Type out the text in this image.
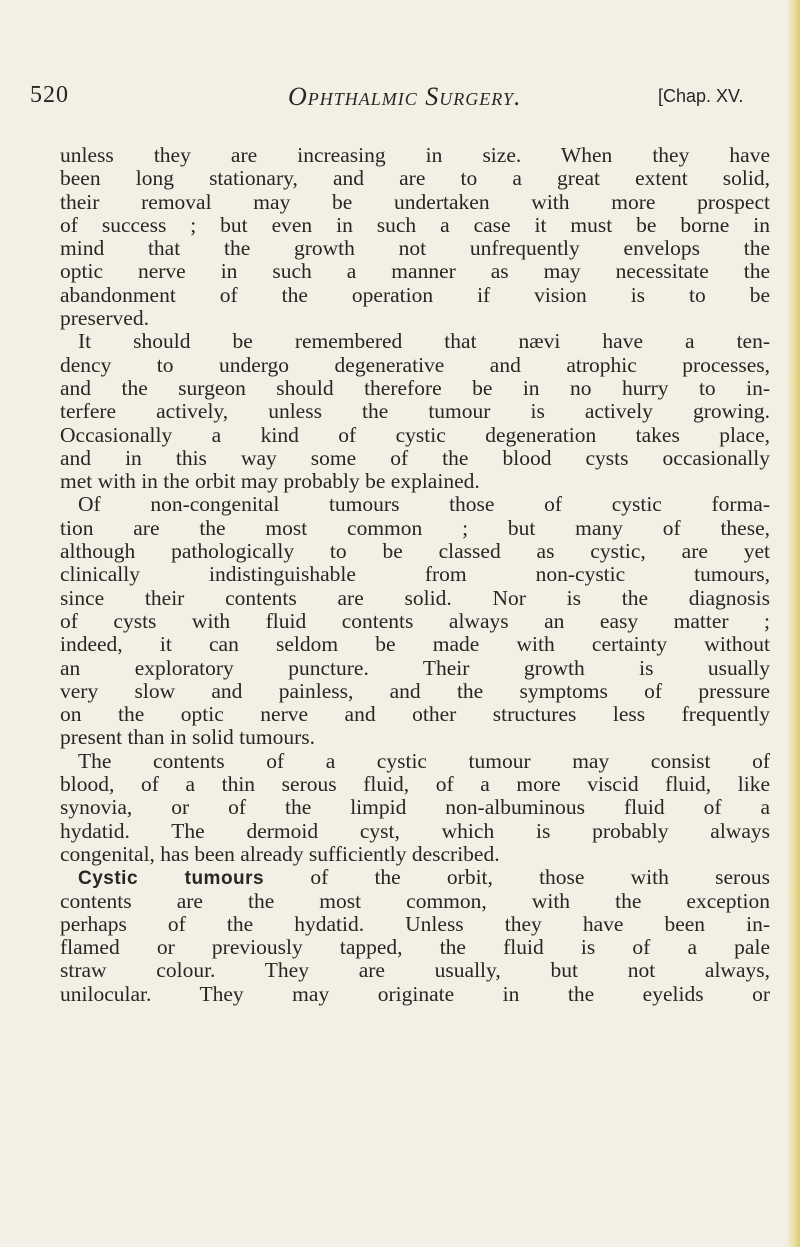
520	Ophthalmic Surgery.	[Chap. XV.
unless they are increasing in size. When they have
been long stationary, and are to a great extent solid,
their removal may be undertaken with more prospect
of success ; but even in such a case it must be borne in
mind that the growth not unfrequently envelops the
optic nerve in such a manner as may necessitate the
abandonment of the operation if vision is to be
preserved.
It should be remembered that nævi have a ten-
dency to undergo degenerative and atrophic processes,
and the surgeon should therefore be in no hurry to in-
terfere actively, unless the tumour is actively growing.
Occasionally a kind of cystic degeneration takes place,
and in this way some of the blood cysts occasionally
met with in the orbit may probably be explained.
Of non-congenital tumours those of cystic forma-
tion are the most common ; but many of these,
although pathologically to be classed as cystic, are yet
clinically indistinguishable from non-cystic tumours,
since their contents are solid. Nor is the diagnosis
of cysts with fluid contents always an easy matter ;
indeed, it can seldom be made with certainty without
an exploratory puncture. Their growth is usually
very slow and painless, and the symptoms of pressure
on the optic nerve and other structures less frequently
present than in solid tumours.
The contents of a cystic tumour may consist of
blood, of a thin serous fluid, of a more viscid fluid, like
synovia, or of the limpid non-albuminous fluid of a
hydatid. The dermoid cyst, which is probably always
congenital, has been already sufficiently described.
Cystic tumours of the orbit, those with serous
contents are the most common, with the exception
perhaps of the hydatid. Unless they have been in-
flamed or previously tapped, the fluid is of a pale
straw colour. They are usually, but not always,
unilocular. They may originate in the eyelids or
